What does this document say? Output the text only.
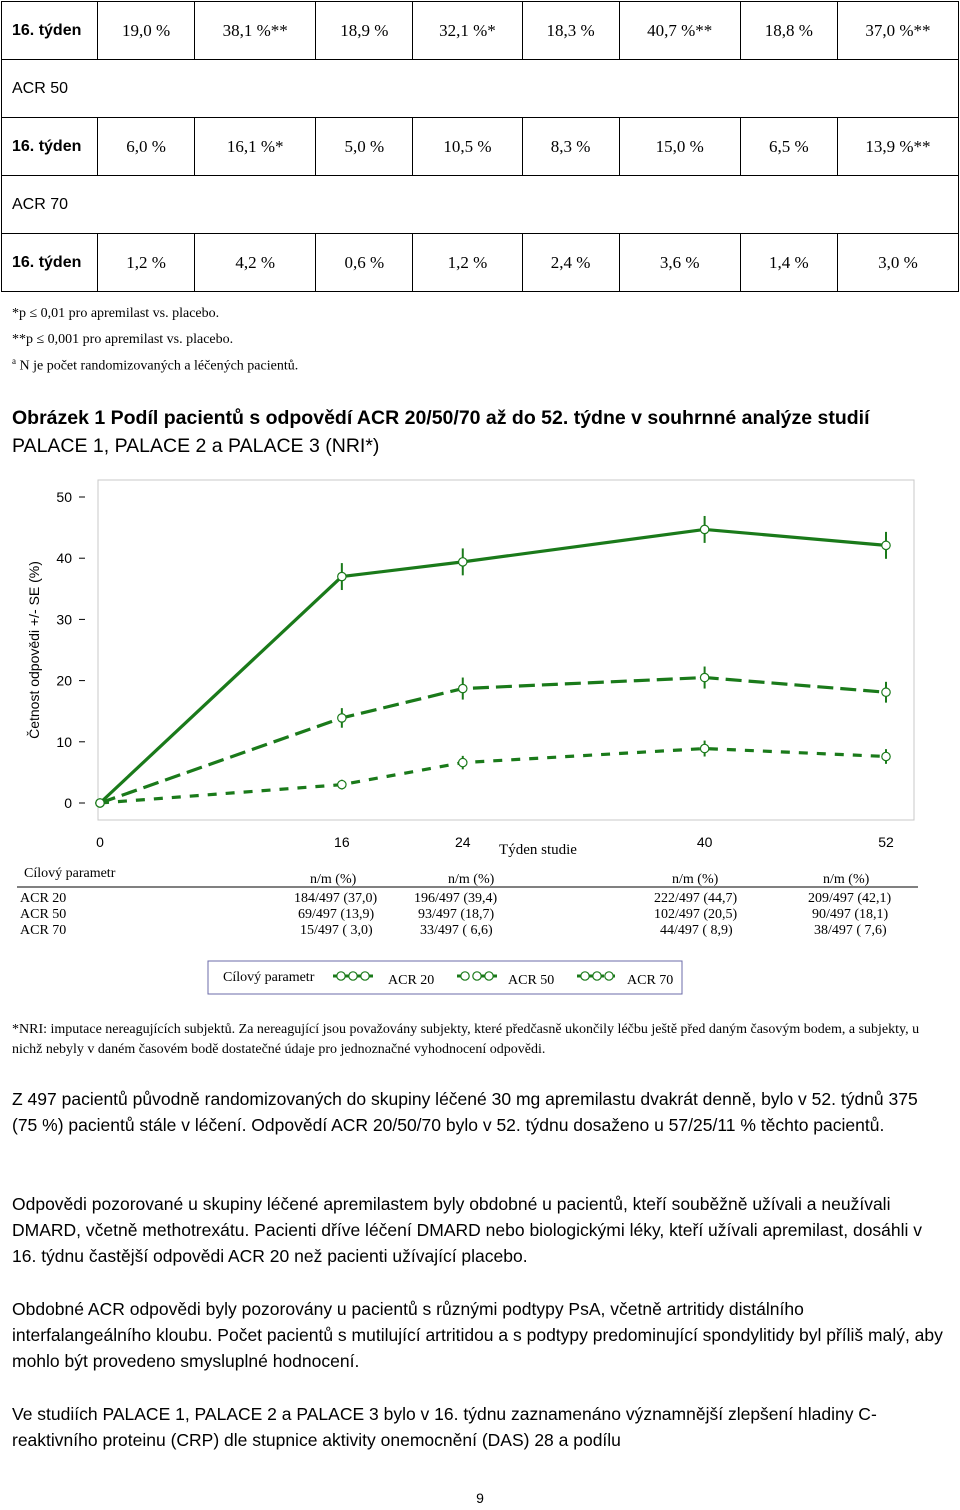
16. týden	19,0 %	38,1 %**	18,9 %	32,1 %*	18,3 %	40,7 %**	18,8 %	37,0 %**
ACR 50								
16. týden	6,0 %	16,1 %*	5,0 %	10,5 %	8,3 %	15,0 %	6,5 %	13,9 %**
ACR 70								
16. týden	1,2 %	4,2 %	0,6 %	1,2 %	2,4 %	3,6 %	1,4 %	3,0 %
*p ≤ 0,01 pro apremilast vs. placebo.
**p ≤ 0,001 pro apremilast vs. placebo.
$^a$ N je počet randomizovaných a léčených pacientů.
Obrázek 1 Podíl pacientů s odpovědí ACR 20/50/70 až do 52. týdne v souhrnné analýze studií
PALACE 1, PALACE 2 a PALACE 3 (NRI*)
Četnost odpovědi +/- SE (%)
Týden studie
0
10
20
30
40
50
0	16	24	40	52
Cílový parametr	ACR 20	ACR 50	ACR 70
Cílový parametr	n/m (%)	n/m (%)	n/m (%)	n/m (%)
ACR 20	184/497 (37,0)	196/497 (39,4)	222/497 (44,7)	209/497 (42,1)
ACR 50	69/497 (13,9)	93/497 (18,7)	102/497 (20,5)	90/497 (18,1)
ACR 70	15/497 ( 3,0)	33/497 ( 6,6)	44/497 ( 8,9)	38/497 ( 7,6)
*NRI: imputace nereagujících subjektů. Za nereagující jsou považovány subjekty, které předčasně ukončily léčbu ještě před daným časovým bodem, a subjekty, u nichž nebyly v daném časovém bodě dostatečné údaje pro jednoznačné vyhodnocení odpovědi.
Z 497 pacientů původně randomizovaných do skupiny léčené 30 mg apremilastu dvakrát denně, bylo v 52. týdnů 375 (75 %) pacientů stále v léčení. Odpovědí ACR 20/50/70 bylo v 52. týdnu dosaženo u 57/25/11 % těchto pacientů.
Odpovědi pozorované u skupiny léčené apremilastem byly obdobné u pacientů, kteří souběžně užívali a neužívali DMARD, včetně methotrexátu. Pacienti dříve léčení DMARD nebo biologickými léky, kteří užívali apremilast, dosáhli v 16. týdnu častější odpovědi ACR 20 než pacienti užívající placebo.
Obdobné ACR odpovědi byly pozorovány u pacientů s různými podtypy PsA, včetně artritidy distálního interfalangeálního kloubu. Počet pacientů s mutilující artritidou a s podtypy predominující spondylitidy byl příliš malý, aby mohlo být provedeno smysluplné hodnocení.
Ve studiích PALACE 1, PALACE 2 a PALACE 3 bylo v 16. týdnu zaznamenáno významnější zlepšení hladiny C-reaktivního proteinu (CRP) dle stupnice aktivity onemocnění (DAS) 28 a podílu
9
